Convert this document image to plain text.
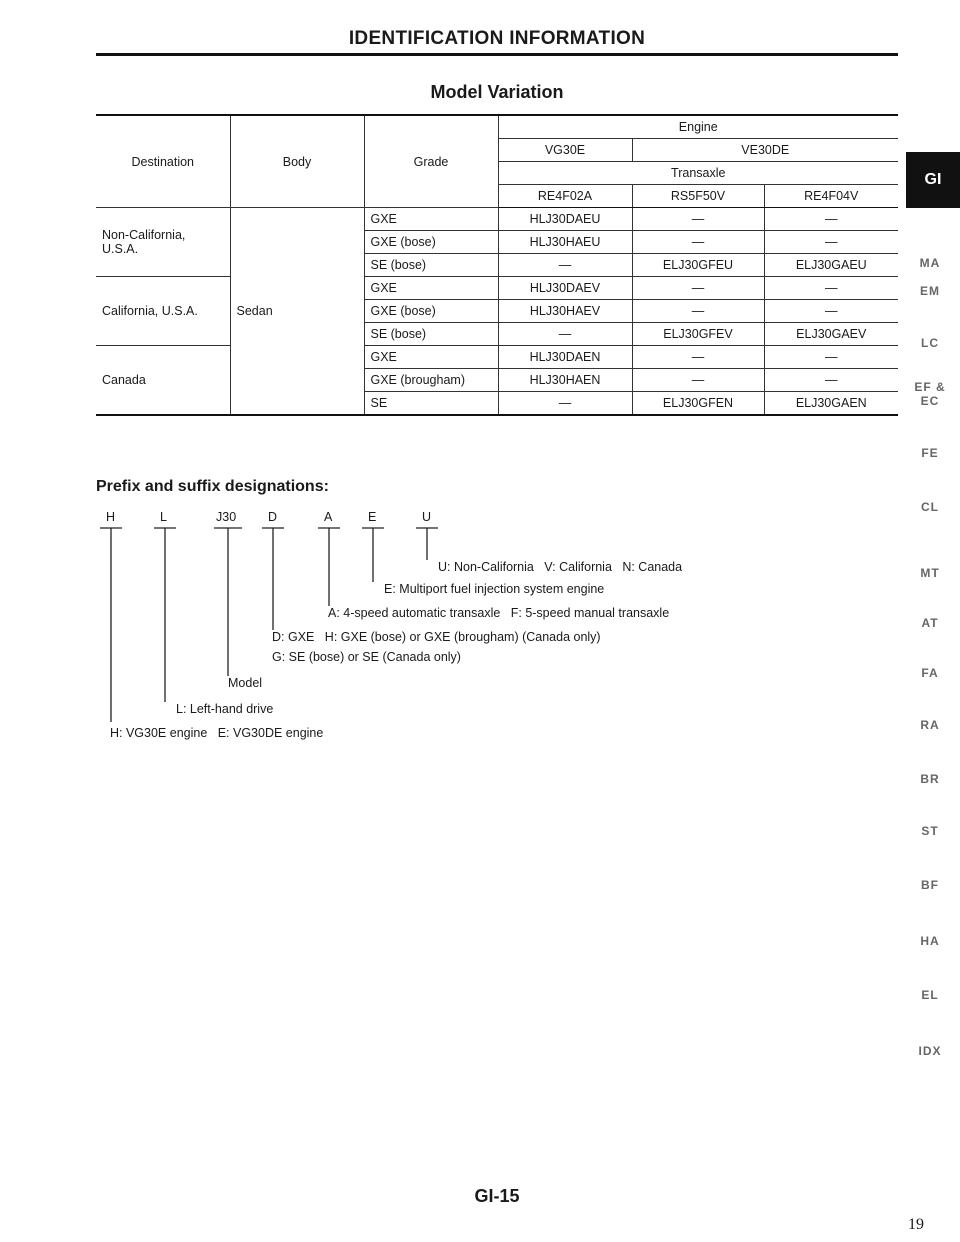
IDENTIFICATION INFORMATION
Model Variation
Destination	Body	Grade	Engine		
			VG30E	VE30DE	
			Transaxle		
			RE4F02A	RS5F50V	RE4F04V
Non-California,
U.S.A.	Sedan	GXE	HLJ30DAEU	—	—
		GXE (bose)	HLJ30HAEU	—	—
		SE (bose)	—	ELJ30GFEU	ELJ30GAEU
California, U.S.A.		GXE	HLJ30DAEV	—	—
		GXE (bose)	HLJ30HAEV	—	—
		SE (bose)	—	ELJ30GFEV	ELJ30GAEV
Canada		GXE	HLJ30DAEN	—	—
		GXE (brougham)	HLJ30HAEN	—	—
		SE	—	ELJ30GFEN	ELJ30GAEN
Prefix and suffix designations:
H	L	J30	D	A	E	U
U: Non-California   V: California   N: Canada
E: Multiport fuel injection system engine
A: 4-speed automatic transaxle   F: 5-speed manual transaxle
D: GXE   H: GXE (bose) or GXE (brougham) (Canada only)
G: SE (bose) or SE (Canada only)
Model
L: Left-hand drive
H: VG30E engine   E: VG30DE engine
GI
MA
EM
LC
EF &
EC
FE
CL
MT
AT
FA
RA
BR
ST
BF
HA
EL
IDX
GI-15
19
